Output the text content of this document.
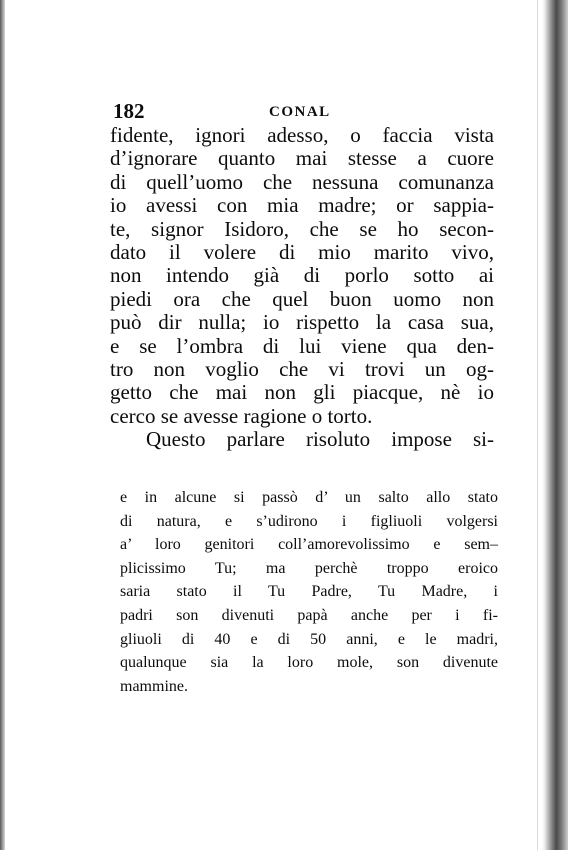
182	CONAL
fidente, ignori adesso, o faccia vista
d’ignorare quanto mai stesse a cuore
di quell’uomo che nessuna comunanza
io avessi con mia madre; or sappia-
te, signor Isidoro, che se ho secon-
dato il volere di mio marito vivo,
non intendo già di porlo sotto ai
piedi ora che quel buon uomo non
può dir nulla; io rispetto la casa sua,
e se l’ombra di lui viene qua den-
tro non voglio che vi trovi un og-
getto che mai non gli piacque, nè io
cerco se avesse ragione o torto.
Questo parlare risoluto impose si-
e in alcune si passò d’ un salto allo stato
di natura, e s’udirono i figliuoli volgersi
a’ loro genitori coll’amorevolissimo e sem–
plicissimo Tu; ma perchè troppo eroico
saria stato il Tu Padre, Tu Madre, i
padri son divenuti papà anche per i fi-
gliuoli di 40 e di 50 anni, e le madri,
qualunque sia la loro mole, son divenute
mammine.
